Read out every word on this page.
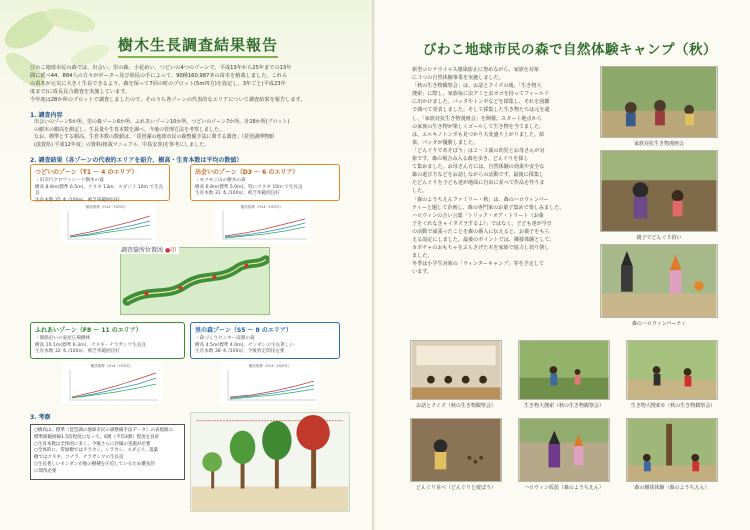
樹木生長調査結果報告
びわこ地球市民の森では、出会い、里の森、小花めい、つどいの4つのゾーンで、平成13年から25年までの13年
間に延べ44、884人の方々がポーター及び県民の手によって、90種160,987本の苗木を植栽しました。これら
の苗木が元気に大きく生長できるよう、森を保って7回の町のプロット(5m四方)を設定し、3年ごと(平成23年
度まで)に成長具合調査を実施しています。
今年度は28か所のプロットで調査しましたので、そのうち各ゾーンの代表的なエリアについて調査結果を報告します。
1. 調査内容
出会いのゾーン5か所、里の森ゾーン6か所、ふれあいゾーン10か所、つどいのゾーン7か所、計28か所(プロット)
の樹木の樹高を測定し、生長量や生育本数を調べ、今後の管理方法を考察しました。
なお、標準とする樹高、生育本数の数値は、「琵琶湖の地球市民の森整備手法に関する調査」（琵琶湖博物館
(滋賀県) 平成12年度」の資料(植栽マニュアル、中島安喜)を参考にしました。
2. 調査結果（各ゾーンの代表的エリアを紹介、樹高・生育本数は平均の数値）
つどいのゾーン（T1 ～ 4 のエリア）
・旧歩行クロウッシード樹木の森
樹高 8.8m(標準 6.5m)、クヌギ 13m、スダジイ 10m で生長良
生育本数 25 本 /100㎡、被芝率範囲良好
出会いのゾーン（D3 ～ 6 のエリア）
・モツモジ山の樹木の森
樹高 6.8m(標準 5.0m)、特にクヌギ 10m で生長良
生育本数 31 本 /100㎡、被芝率範囲良好
樹高推移（H14～H25年）	樹高推移（H14～H25年）
調査箇所位置図 ●印
ふれあいゾーン（F8 ～ 11 のエリア）
・園路沿いの東屋広場樹林
樹高 10.1m(標準 6.3m)、クヌギ・ナラガシワ生長良
生育本数 32 本 /100㎡、被芝率範囲良好
里の森ゾーン（S5 ～ 8 のエリア）
・森づくりセンター南側の森
樹高 4.5m(標準 4.0m)、センダンの生長著しい
生育本数 38 本 /100㎡、今後剪定間伐を要
樹高推移（H14～H25年）	樹高推移（H14～H25年）
3. 考察
○樹高は、標準（琵琶湖の地球市民の森整備手法データ）の表現値の
標準値範囲線1.5倍程度になって、6割（平均3割）程度を良好
○生育本数は全体的に多く、今後さらに評価の実施が必要
○全体的に、常緑樹ではアラカシ、シラカシ、スダジイ、落葉
樹ではクヌギ、コナラ、ナラガシワの生長良
○生長著しいセンダンが他の樹種を圧迫しているため優先的
に間伐必要
びわこ地球市民の森で自然体験キャンプ（秋）
新型コロナウイルス感染防止に努めながら、家族を対象
に３つの自然体験事業を実施しました。
「秋の生き物観察会」は、お話とクイズの後、「生き物大
捜索」に際し、家族毎に虫アミと虫カゴを持ってフィールド
に出かけました。バッタやトンボなどを採集し、それを図鑑
で調べて発表しました。そして採集した生き物たちは元を還
し、「家族対抗生き物漫画会」を開催。スタート地点から
の家族の生き物が楽しくゴールして生き物を当てました。
は、エルキノトンボも見つかり大変盛り上がりました。結
果、バッタが優勝しました。
「どんぐりであそぼう」は２～３歳の幼児とお母さんが対
象です。森の場合み入る森を歩き、どんぐりを探し
て集めました。お母さん方には、自然体験の効果や安全な
森の遊び方などをお話しながらの活動です。最後に採集し
たどんぐりを子ども達が地面に自由に並べて作品を作りま
した。
「森のようちえんファミリー・秋」は、森のハロウィンパー
ティーと題して企画し、森の専門家のお菓子集めで楽しみました。
ハロウィンの合い言葉「トリック・オア・トリート（お菓
子をくれなきゃイタズラするよ）」ではなく、子ども達が今日
の活動で頑張ったことを森の番人に伝えると、お菓子をもら
える設定にしました。最後のポイントでは、隣接体験として、
カボチャのおもちゃをぶらさげた木を家族で協力し切り倒し
ました。
冬季は小学生対象の「ウィンターキャンプ」等を予定して
います。
家族対抗生き物漫画会
親子でどんぐり拾い
森のハロウィンパーティ
お話とクイズ（秋の生き物観察会）	生き物大捜索（秋の生き物観察会）	生き物大捜索①（秋の生き物観察会）
どんぐり並べ（どんぐりと遊ぼう）	ハロウィン仮装（森のようちえん）	森の樹体体験（森のようちえん）
